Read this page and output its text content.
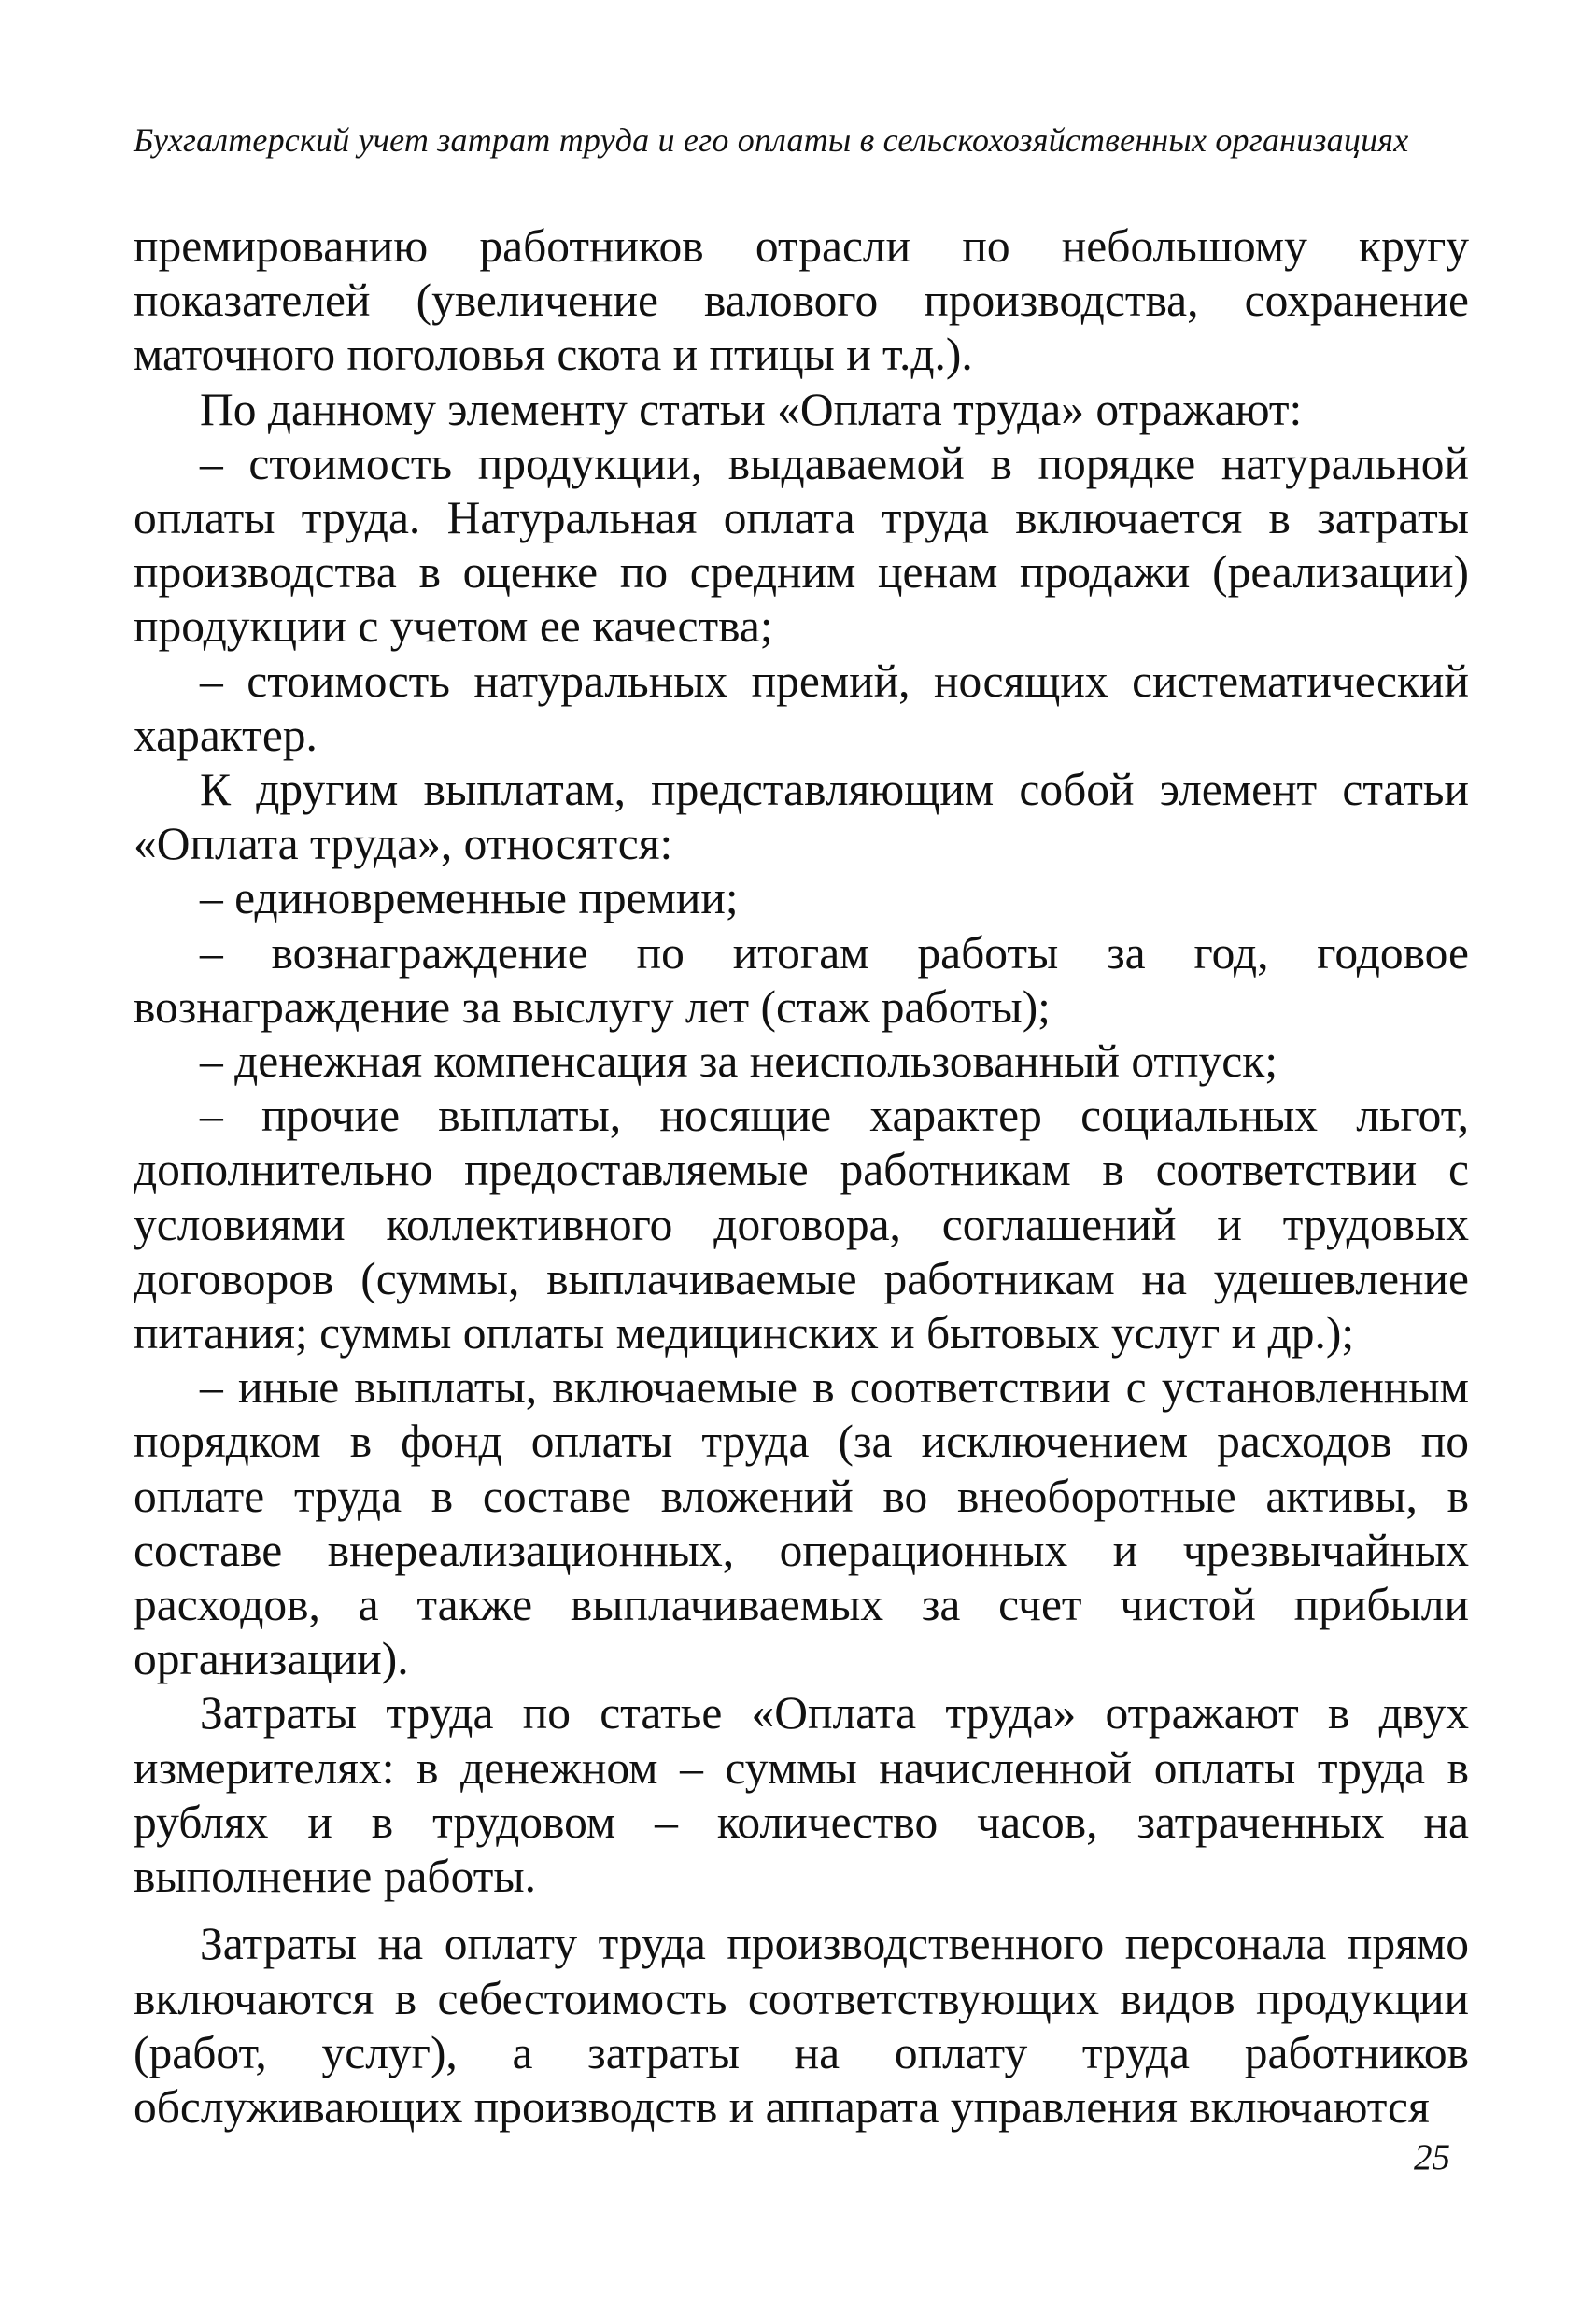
Бухгалтерский учет затрат труда и его оплаты в сельскохозяйственных организациях

премированию работников отрасли по небольшому кругу показателей (увеличение валового производства, сохранение маточного поголовья скота и птицы и т.д.).

По данному элементу статьи «Оплата труда» отражают:

– стоимость продукции, выдаваемой в порядке натуральной оплаты труда. Натуральная оплата труда включается в затраты производства в оценке по средним ценам продажи (реализации) продукции с учетом ее качества;

– стоимость натуральных премий, носящих систематический характер.

К другим выплатам, представляющим собой элемент статьи «Оплата труда», относятся:

– единовременные премии;

– вознаграждение по итогам работы за год, годовое вознаграждение за выслугу лет (стаж работы);

– денежная компенсация за неиспользованный отпуск;

– прочие выплаты, носящие характер социальных льгот, дополнительно предоставляемые работникам в соответствии с условиями коллективного договора, соглашений и трудовых договоров (суммы, выплачиваемые работникам на удешевление питания; суммы оплаты медицинских и бытовых услуг и др.);

– иные выплаты, включаемые в соответствии с установленным порядком в фонд оплаты труда (за исключением расходов по оплате труда в составе вложений во внеоборотные активы, в составе внереализационных, операционных и чрезвычайных расходов, а также выплачиваемых за счет чистой прибыли организации).

Затраты труда по статье «Оплата труда» отражают в двух измерителях: в денежном – суммы начисленной оплаты труда в рублях и в трудовом – количество часов, затраченных на выполнение работы.

Затраты на оплату труда производственного персонала прямо включаются в себестоимость соответствующих видов продукции (работ, услуг), а затраты на оплату труда работников обслуживающих производств и аппарата управления включаются

25
